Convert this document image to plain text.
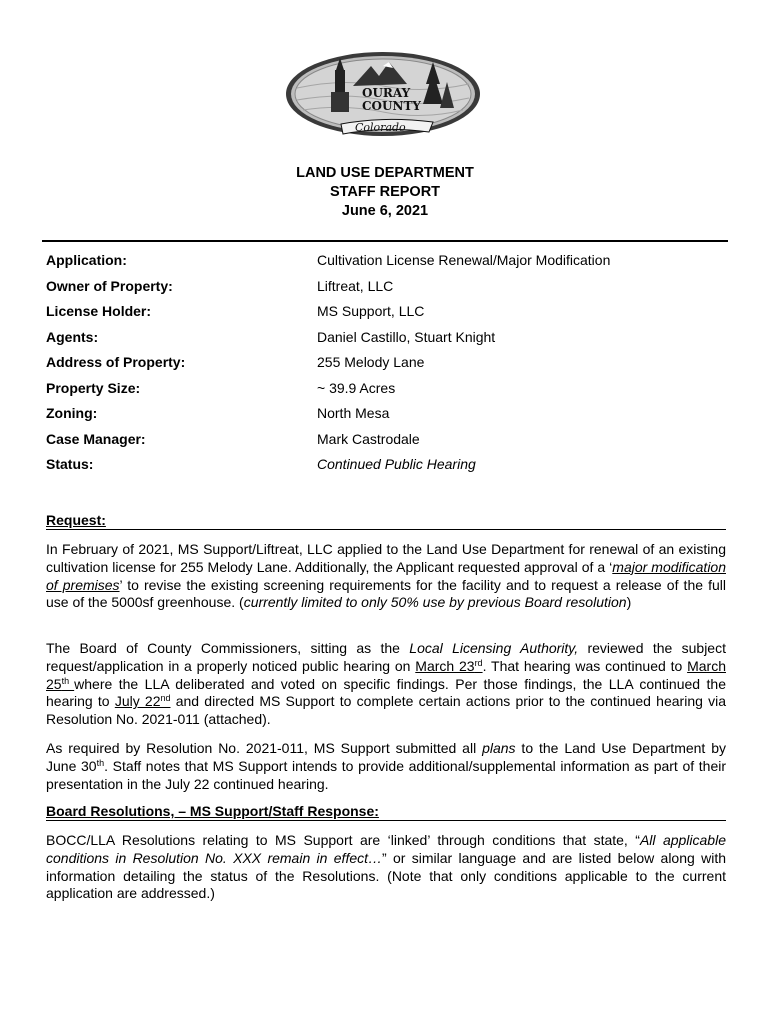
OURAY
COUNTY
Colorado
LAND USE DEPARTMENT
STAFF REPORT
June 6, 2021
Application:	Cultivation License Renewal/Major Modification
Owner of Property:	Liftreat, LLC
License Holder:	MS Support, LLC
Agents:	Daniel Castillo, Stuart Knight
Address of Property:	255 Melody Lane
Property Size:	~ 39.9 Acres
Zoning:	North Mesa
Case Manager:	Mark Castrodale
Status:	Continued Public Hearing
Request:

In February of 2021, MS Support/Liftreat, LLC applied to the Land Use Department for renewal of an existing cultivation license for 255 Melody Lane. Additionally, the Applicant requested approval of a ‘major modification of premises’ to revise the existing screening requirements for the facility and to request a release of the full use of the 5000sf greenhouse. (currently limited to only 50% use by previous Board resolution)

The Board of County Commissioners, sitting as the Local Licensing Authority, reviewed the subject request/application in a properly noticed public hearing on March 23rd. That hearing was continued to March 25th where the LLA deliberated and voted on specific findings. Per those findings, the LLA continued the hearing to July 22nd and directed MS Support to complete certain actions prior to the continued hearing via Resolution No. 2021-011 (attached).

As required by Resolution No. 2021-011, MS Support submitted all plans to the Land Use Department by June 30th. Staff notes that MS Support intends to provide additional/supplemental information as part of their presentation in the July 22 continued hearing.

Board Resolutions, – MS Support/Staff Response:

BOCC/LLA Resolutions relating to MS Support are ‘linked’ through conditions that state, “All applicable conditions in Resolution No. XXX remain in effect…” or similar language and are listed below along with information detailing the status of the Resolutions. (Note that only conditions applicable to the current application are addressed.)
